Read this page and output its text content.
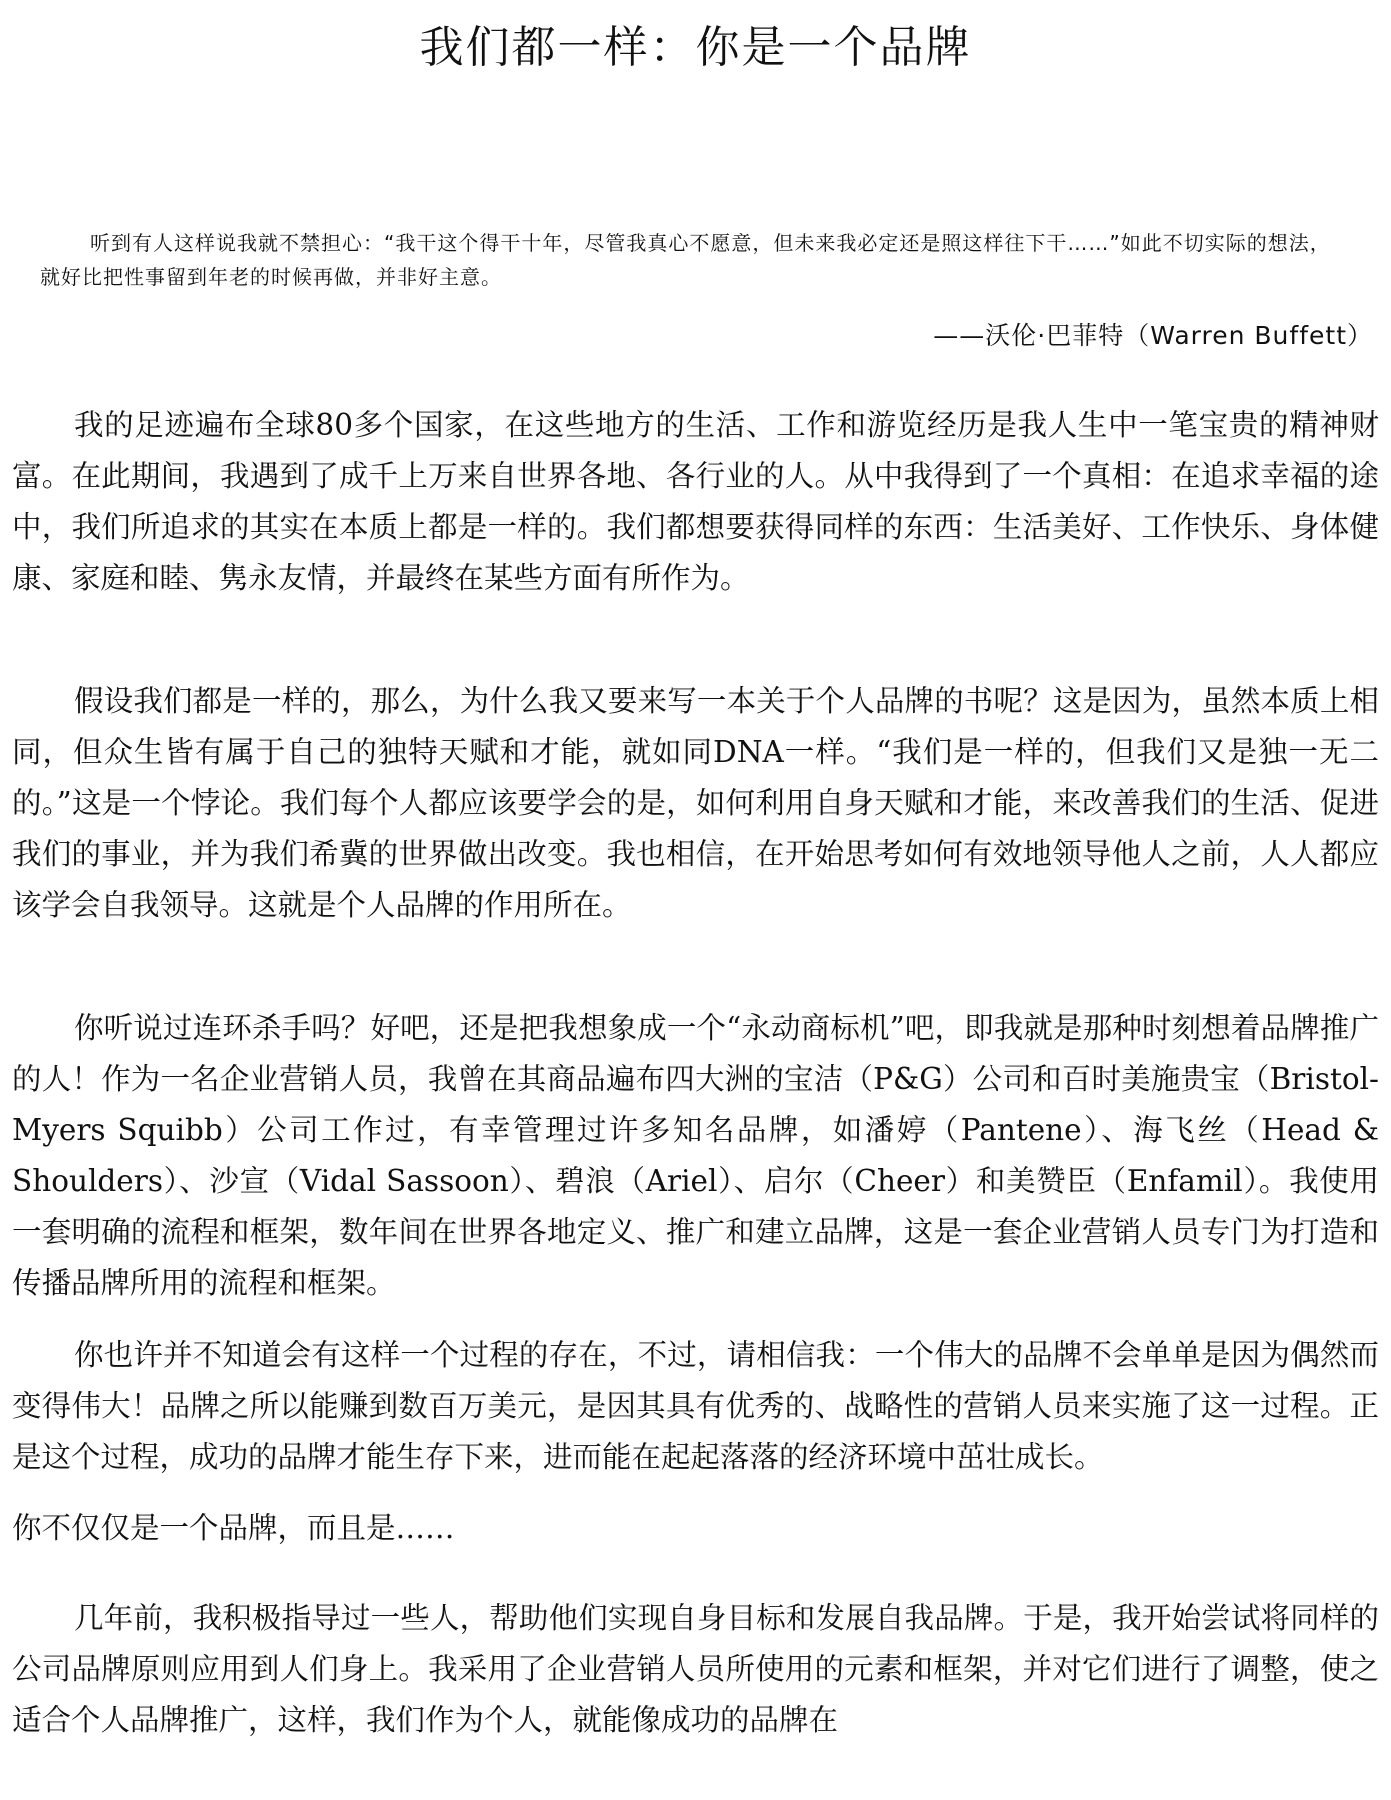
我们都一样：你是一个品牌

听到有人这样说我就不禁担心：“我干这个得干十年，尽管我真心不愿意，但未来我必定还是照这样往下干……”如此不切实际的想法，就好比把性事留到年老的时候再做，并非好主意。

——沃伦·巴菲特（Warren Buffett）

我的足迹遍布全球80多个国家，在这些地方的生活、工作和游览经历是我人生中一笔宝贵的精神财富。在此期间，我遇到了成千上万来自世界各地、各行业的人。从中我得到了一个真相：在追求幸福的途中，我们所追求的其实在本质上都是一样的。我们都想要获得同样的东西：生活美好、工作快乐、身体健康、家庭和睦、隽永友情，并最终在某些方面有所作为。

假设我们都是一样的，那么，为什么我又要来写一本关于个人品牌的书呢？这是因为，虽然本质上相同，但众生皆有属于自己的独特天赋和才能，就如同DNA一样。“我们是一样的，但我们又是独一无二的。”这是一个悖论。我们每个人都应该要学会的是，如何利用自身天赋和才能，来改善我们的生活、促进我们的事业，并为我们希冀的世界做出改变。我也相信，在开始思考如何有效地领导他人之前，人人都应该学会自我领导。这就是个人品牌的作用所在。

你听说过连环杀手吗？好吧，还是把我想象成一个“永动商标机”吧，即我就是那种时刻想着品牌推广的人！作为一名企业营销人员，我曾在其商品遍布四大洲的宝洁（P&G）公司和百时美施贵宝（Bristol-Myers Squibb）公司工作过，有幸管理过许多知名品牌，如潘婷（Pantene）、海飞丝（Head & Shoulders）、沙宣（Vidal Sassoon）、碧浪（Ariel）、启尔（Cheer）和美赞臣（Enfamil）。我使用一套明确的流程和框架，数年间在世界各地定义、推广和建立品牌，这是一套企业营销人员专门为打造和传播品牌所用的流程和框架。

你也许并不知道会有这样一个过程的存在，不过，请相信我：一个伟大的品牌不会单单是因为偶然而变得伟大！品牌之所以能赚到数百万美元，是因其具有优秀的、战略性的营销人员来实施了这一过程。正是这个过程，成功的品牌才能生存下来，进而能在起起落落的经济环境中茁壮成长。

你不仅仅是一个品牌，而且是……

几年前，我积极指导过一些人，帮助他们实现自身目标和发展自我品牌。于是，我开始尝试将同样的公司品牌原则应用到人们身上。我采用了企业营销人员所使用的元素和框架，并对它们进行了调整，使之适合个人品牌推广，这样，我们作为个人，就能像成功的品牌在
